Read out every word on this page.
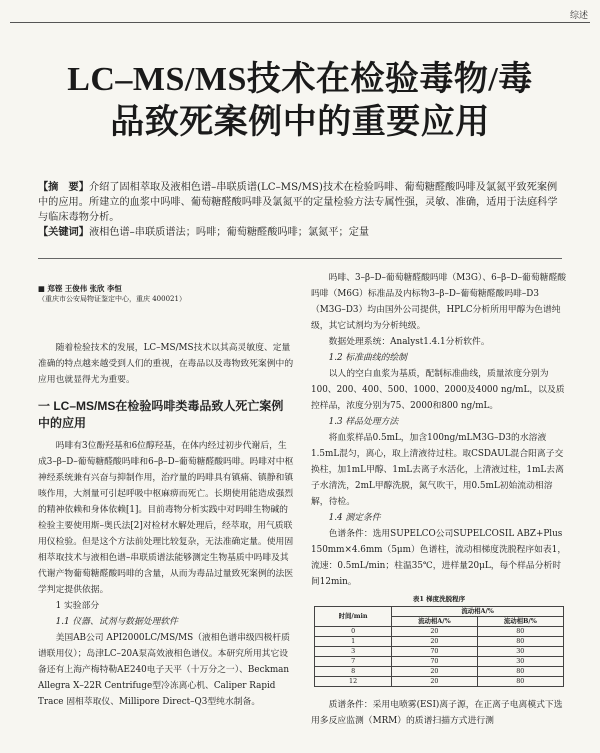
综述
LC–MS/MS技术在检验毒物/毒
品致死案例中的重要应用
【摘　要】介绍了固相萃取及液相色谱–串联质谱(LC–MS/MS)技术在检验吗啡、葡萄糖醛酸吗啡及氯氮平致死案例中的应用。所建立的血浆中吗啡、葡萄糖醛酸吗啡及氯氮平的定量检验方法专属性强，灵敏、准确，适用于法庭科学与临床毒物分析。
【关键词】液相色谱–串联质谱法；吗啡；葡萄糖醛酸吗啡；氯氮平；定量
■ 郑铿 王俊伟 张欣 李恒
（重庆市公安局物证鉴定中心，重庆 400021）

随着检验技术的发展，LC–MS/MS技术以其高灵敏度、定量准确的特点越来越受到人们的重视，在毒品以及毒物致死案例中的应用也就显得尤为重要。

一 LC–MS/MS在检验吗啡类毒品致人死亡案例中的应用

吗啡有3位酚羟基和6位醇羟基，在体内经过初步代谢后，生成3–β–D–葡萄糖醛酸吗啡和6–β–D–葡萄糖醛酸吗啡。吗啡对中枢神经系统兼有兴奋与抑制作用，治疗量的吗啡具有镇痛、镇静和镇咳作用，大剂量可引起呼吸中枢麻痹而死亡。长期使用能造成强烈的精神依赖和身体依赖[1]。目前毒物分析实践中对吗啡生物碱的检验主要使用斯–奥氏法[2]对检材水解处理后，经萃取，用气质联用仪检验。但是这个方法前处理比较复杂，无法准确定量。使用固相萃取技术与液相色谱–串联质谱法能够测定生物基质中吗啡及其代谢产物葡萄糖醛酸吗啡的含量，从而为毒品过量致死案例的法医学判定提供依据。

1 实验部分

1.1 仪器、试剂与数据处理软件

美国AB公司 API2000LC/MS/MS（液相色谱串级四极杆质谱联用仪）；岛津LC–20A泵高效液相色谱仪。本研究所用其它设备还有上海产梅特勒AE240电子天平（十万分之一）、Beckman Allegra X–22R Centrifuge型冷冻离心机、Caliper Rapid Trace 固相萃取仪、Millipore Direct–Q3型纯水制备。

吗啡、3–β–D–葡萄糖醛酸吗啡（M3G）、6–β–D–葡萄糖醛酸吗啡（M6G）标准品及内标物3–β–D–葡萄糖醛酸吗啡–D3（M3G–D3）均由国外公司提供，HPLC分析所用甲醇为色谱纯级，其它试剂均为分析纯级。

数据处理系统：Analyst1.4.1分析软件。

1.2 标准曲线的绘制

以人的空白血浆为基质，配制标准曲线，质量浓度分别为100、200、400、500、1000、2000及4000 ng/mL，以及质控样品，浓度分别为75、2000和800 ng/mL。

1.3 样品处理方法

将血浆样品0.5mL，加含100ng/mLM3G–D3的水溶液1.5mL混匀，离心，取上清液待过柱。取CSDAUL混合阳离子交换柱，加1mL甲醇、1mL去离子水活化，上清液过柱，1mL去离子水清洗，2mL甲醇洗脱，氮气吹干，用0.5mL初始流动相溶解，待检。

1.4 测定条件

色谱条件：选用SUPELCO公司SUPELCOSIL ABZ+Plus 150mm×4.6mm（5μm）色谱柱，流动相梯度洗脱程序如表1，流速：0.5mL/min；柱温35℃，进样量20μL，每个样品分析时间12min。

表1 梯度洗脱程序
时间/min	流动相A/%	
	流动相A/%	流动相B/%
0	20	80
1	20	80
3	70	30
7	70	30
8	20	80
12	20	80

质谱条件：采用电喷雾(ESI)离子源，在正离子电离模式下选用多反应监测（MRM）的质谱扫描方式进行测
